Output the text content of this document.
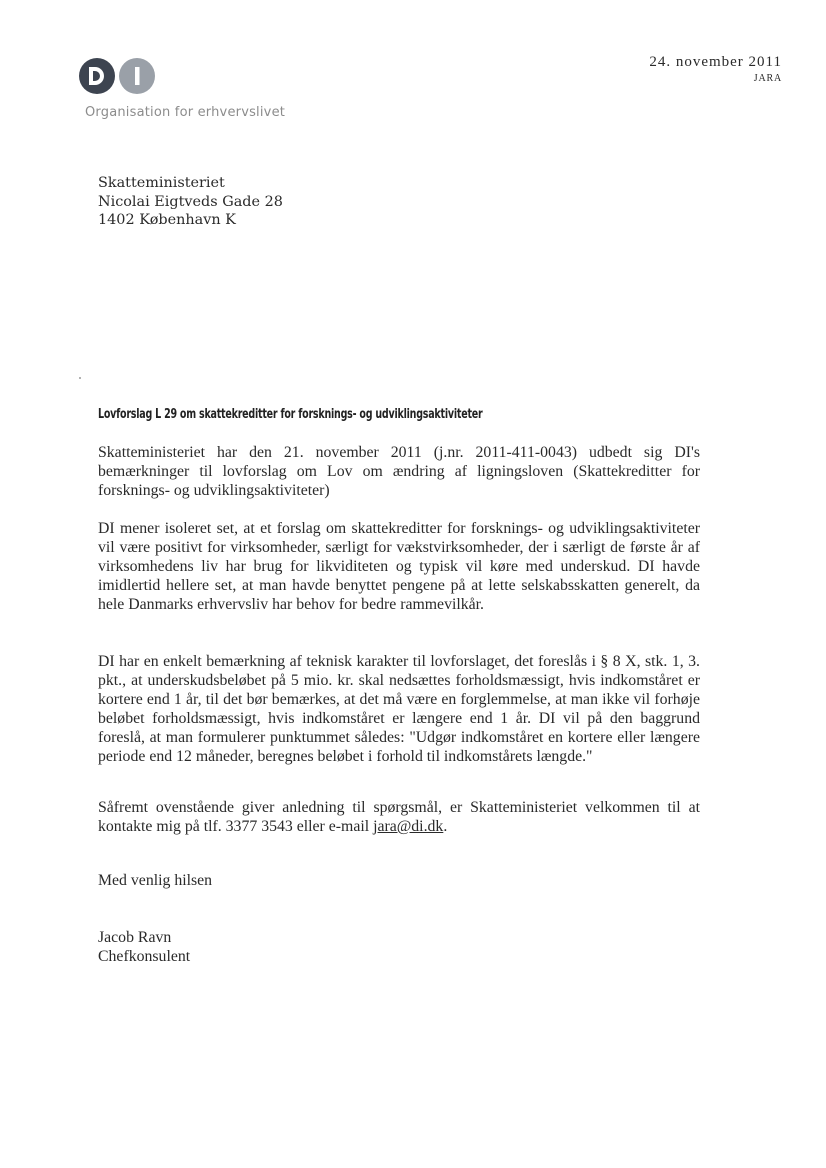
Organisation for erhvervslivet
24. november 2011
JARA
Skatteministeriet
Nicolai Eigtveds Gade 28
1402 København K
Lovforslag L 29 om skattekreditter for forsknings- og udviklingsaktiviteter
Skatteministeriet har den 21. november 2011 (j.nr. 2011-411-0043) udbedt sig DI's bemærkninger til lovforslag om Lov om ændring af ligningsloven (Skattekreditter for forsknings- og udviklingsaktiviteter)
DI mener isoleret set, at et forslag om skattekreditter for forsknings- og udviklingsaktiviteter vil være positivt for virksomheder, særligt for vækstvirksomheder, der i særligt de første år af virksomhedens liv har brug for likviditeten og typisk vil køre med underskud. DI havde imidlertid hellere set, at man havde benyttet pengene på at lette selskabsskatten generelt, da hele Danmarks erhvervsliv har behov for bedre rammevilkår.
DI har en enkelt bemærkning af teknisk karakter til lovforslaget, det foreslås i § 8 X, stk. 1, 3. pkt., at underskudsbeløbet på 5 mio. kr. skal nedsættes forholdsmæssigt, hvis indkomståret er kortere end 1 år, til det bør bemærkes, at det må være en forglemmelse, at man ikke vil forhøje beløbet forholdsmæssigt, hvis indkomståret er længere end 1 år. DI vil på den baggrund foreslå, at man formulerer punktummet således: "Udgør indkomståret en kortere eller længere periode end 12 måneder, beregnes beløbet i forhold til indkomstårets længde."
Såfremt ovenstående giver anledning til spørgsmål, er Skatteministeriet velkommen til at kontakte mig på tlf. 3377 3543 eller e-mail jara@di.dk.
Med venlig hilsen
Jacob Ravn
Chefkonsulent
